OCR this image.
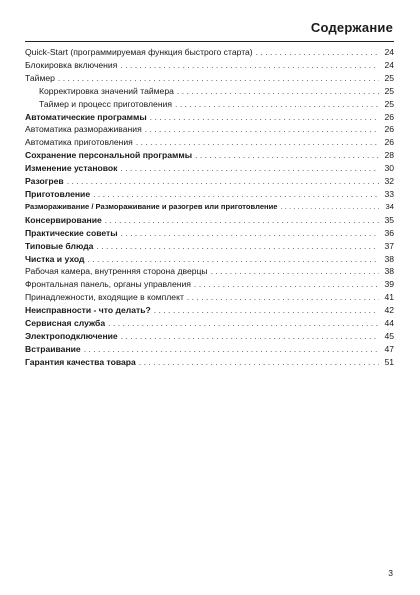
Содержание
Quick-Start (программируемая функция быстрого старта) . . .	24
Блокировка включения . . .	24
Таймер . . .	25
Корректировка значений таймера . . .	25
Таймер и процесс приготовления . . .	25
Автоматические программы . . .	26
Автоматика размораживания . . .	26
Автоматика приготовления . . .	26
Сохранение персональной программы . . .	28
Изменение установок . . .	30
Разогрев . . .	32
Приготовление . . .	33
Размораживание / Размораживание и разогрев или приготовление . . .	34
Консервирование . . .	35
Практические советы . . .	36
Типовые блюда . . .	37
Чистка и уход . . .	38
Рабочая камера, внутренняя сторона дверцы . . .	38
Фронтальная панель, органы управления . . .	39
Принадлежности, входящие в комплект . . .	41
Неисправности - что делать? . . .	42
Сервисная служба . . .	44
Электроподключение . . .	45
Встраивание . . .	47
Гарантия качества товара . . .	51
3
